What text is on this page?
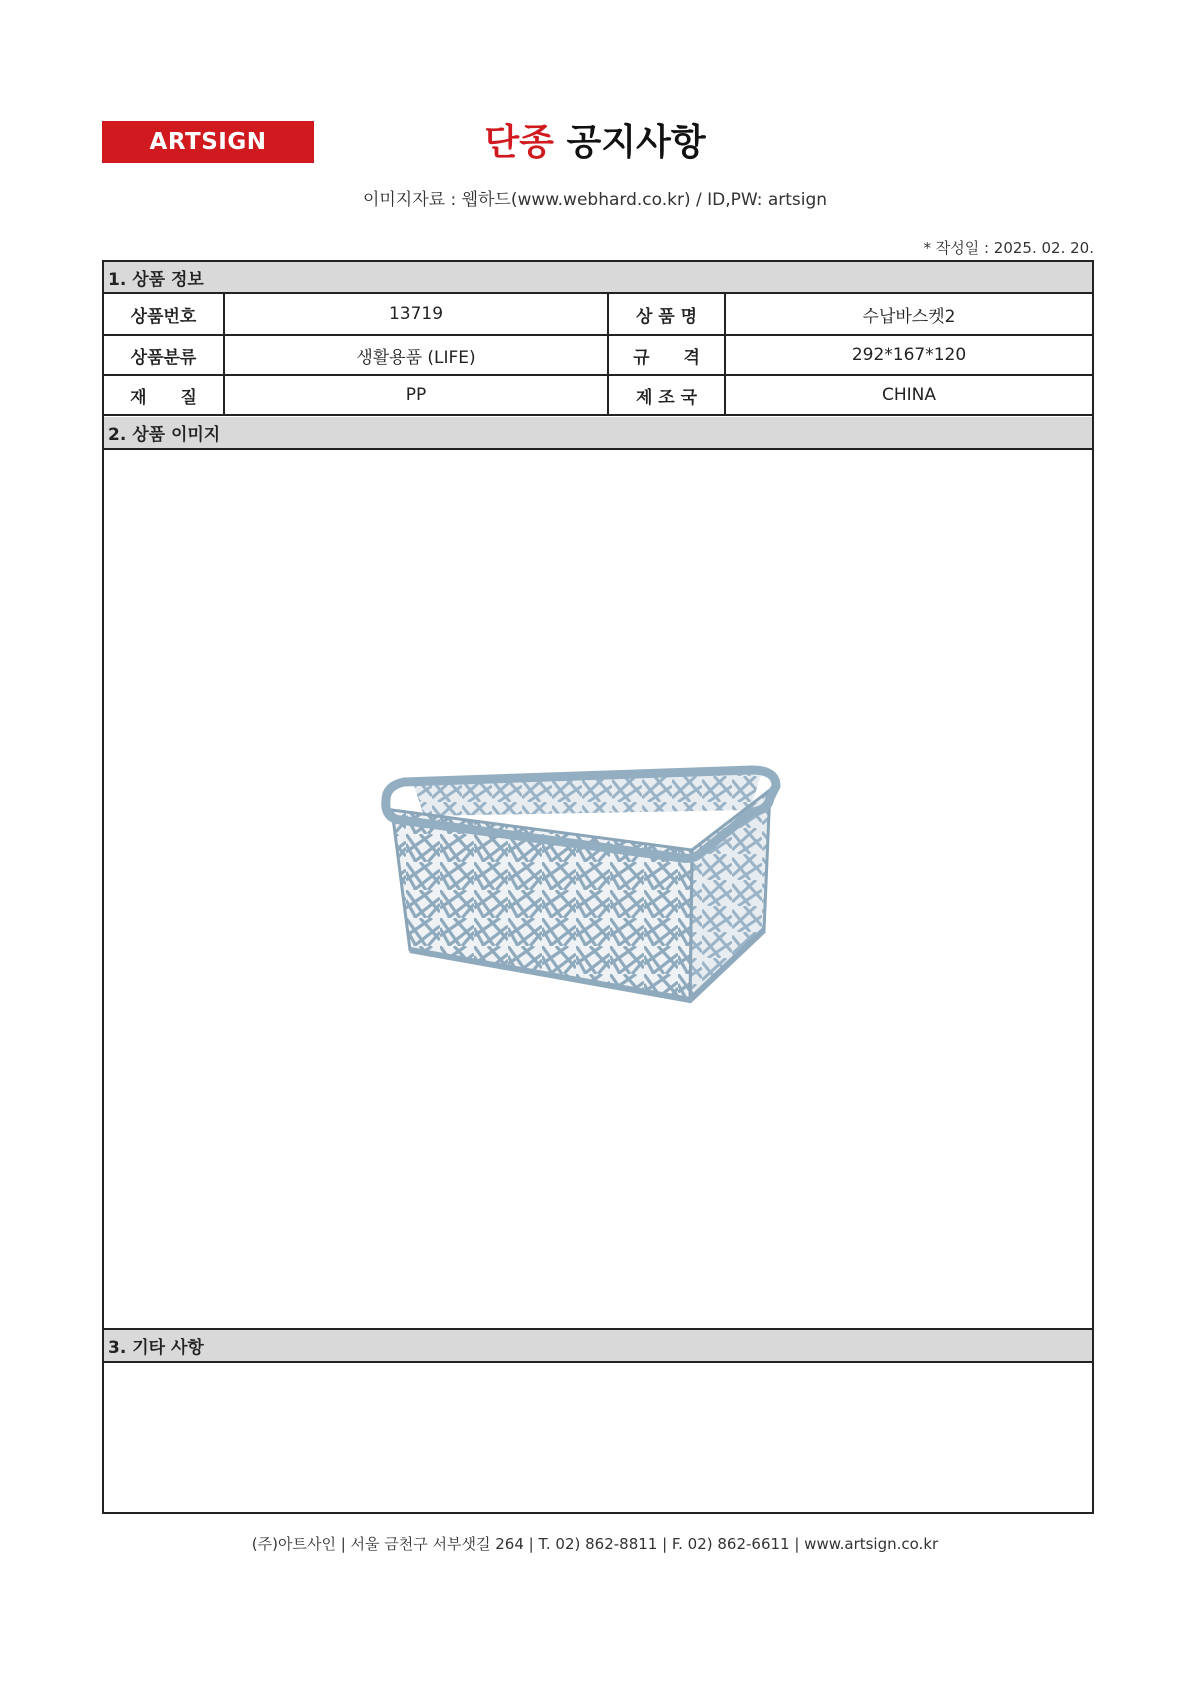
ARTSIGN	단종 공지사항
이미지자료 : 웹하드(www.webhard.co.kr) / ID,PW: artsign
* 작성일 : 2025. 02. 20.
1. 상품 정보
상품번호	13719	상 품 명	수납바스켓2
상품분류	생활용품 (LIFE)	규　　격	292*167*120
재　　질	PP	제 조 국	CHINA
2. 상품 이미지
3. 기타 사항
(주)아트사인 | 서울 금천구 서부샛길 264 | T. 02) 862-8811 | F. 02) 862-6611 | www.artsign.co.kr
